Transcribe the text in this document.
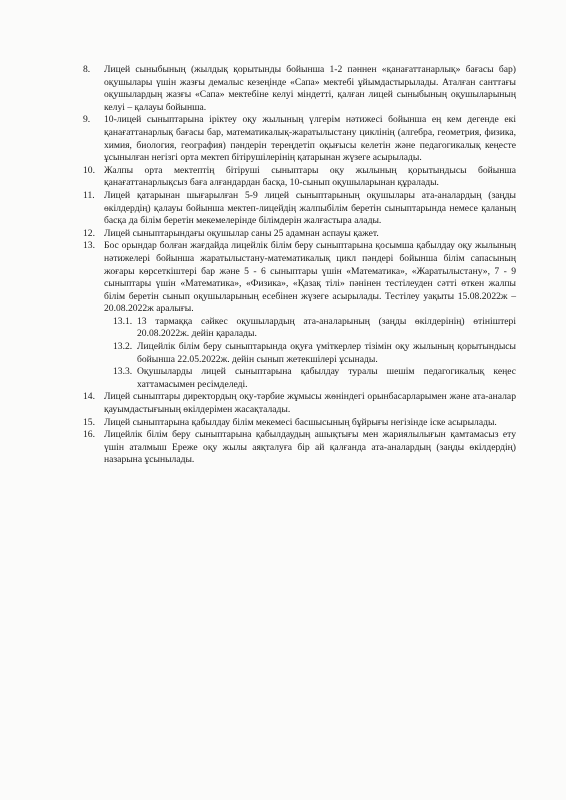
8.	Лицей сыныбының (жылдық қорытынды бойынша 1-2 пәннен «қанағаттанарлық» бағасы бар) оқушылары үшін жазғы демалыс кезеңінде «Сапа» мектебі ұйымдастырылады. Аталған санттағы оқушылардың жазғы «Сапа» мектебіне келуі міндетті, қалған лицей сыныбының оқушыларының келуі – қалауы бойынша.
9.	10-лицей сыныптарына іріктеу оқу жылының үлгерім нәтижесі бойынша ең кем дегенде екі қанағаттанарлық бағасы бар, математикалық-жаратылыстану циклінің (алгебра, геометрия, физика, химия, биология, география) пәндерін тереңдетіп оқығысы келетін және педагогикалық кеңесте ұсынылған негізгі орта мектеп бітірушілерінің қатарынан жүзеге асырылады.
10. Жалпы орта мектептің бітіруші сыныптары оқу жылының қорытындысы бойынша қанағаттанарлықсыз баға алғандардан басқа, 10-сынып оқушыларынан құралады.
11. Лицей қатарынан шығарылған 5-9 лицей сыныптарының оқушылары ата-аналардың (заңды өкілдердің) қалауы бойынша мектеп-лицейдің жалпыбілім беретін сыныптарында немесе қаланың басқа да білім беретін мекемелерінде білімдерін жалғастыра алады.
12. Лицей сыныптарындағы оқушылар саны 25 адамнан аспауы қажет.
13. Бос орындар болған жағдайда лицейлік білім беру сыныптарына қосымша қабылдау оқу жылының нәтижелері бойынша жаратылыстану-математикалық цикл пәндері бойынша білім сапасының жоғары көрсеткіштері бар және 5 - 6 сыныптары үшін «Математика», «Жаратылыстану», 7 - 9 сыныптары үшін «Математика», «Физика», «Қазақ тілі» пәнінен тестілеуден сәтті өткен жалпы білім беретін сынып оқушыларының есебінен жүзеге асырылады. Тестілеу уақыты 15.08.2022ж – 20.08.2022ж аралығы.
13.1. 13 тармаққа сәйкес оқушылардың ата-аналарының (заңды өкілдерінің) өтініштері 20.08.2022ж. дейін қаралады.
13.2. Лицейлік білім беру сыныптарында оқуға үміткерлер тізімін оқу жылының қорытындысы бойынша 22.05.2022ж. дейін сынып жетекшілері ұсынады.
13.3. Оқушыларды лицей сыныптарына қабылдау туралы шешім педагогикалық кеңес хаттамасымен ресімделеді.
14. Лицей сыныптары директордың оқу-тәрбие жұмысы жөніндегі орынбасарларымен және ата-аналар қауымдастығының өкілдерімен жасақталады.
15. Лицей сыныптарына қабылдау білім мекемесі басшысының бұйрығы негізінде іске асырылады.
16. Лицейлік білім беру сыныптарына қабылдаудың ашықтығы мен жариялылығын қамтамасыз ету үшін аталмыш Ереже оқу жылы аяқталуға бір ай қалғанда ата-аналардың (заңды өкілдердің) назарына ұсынылады.
